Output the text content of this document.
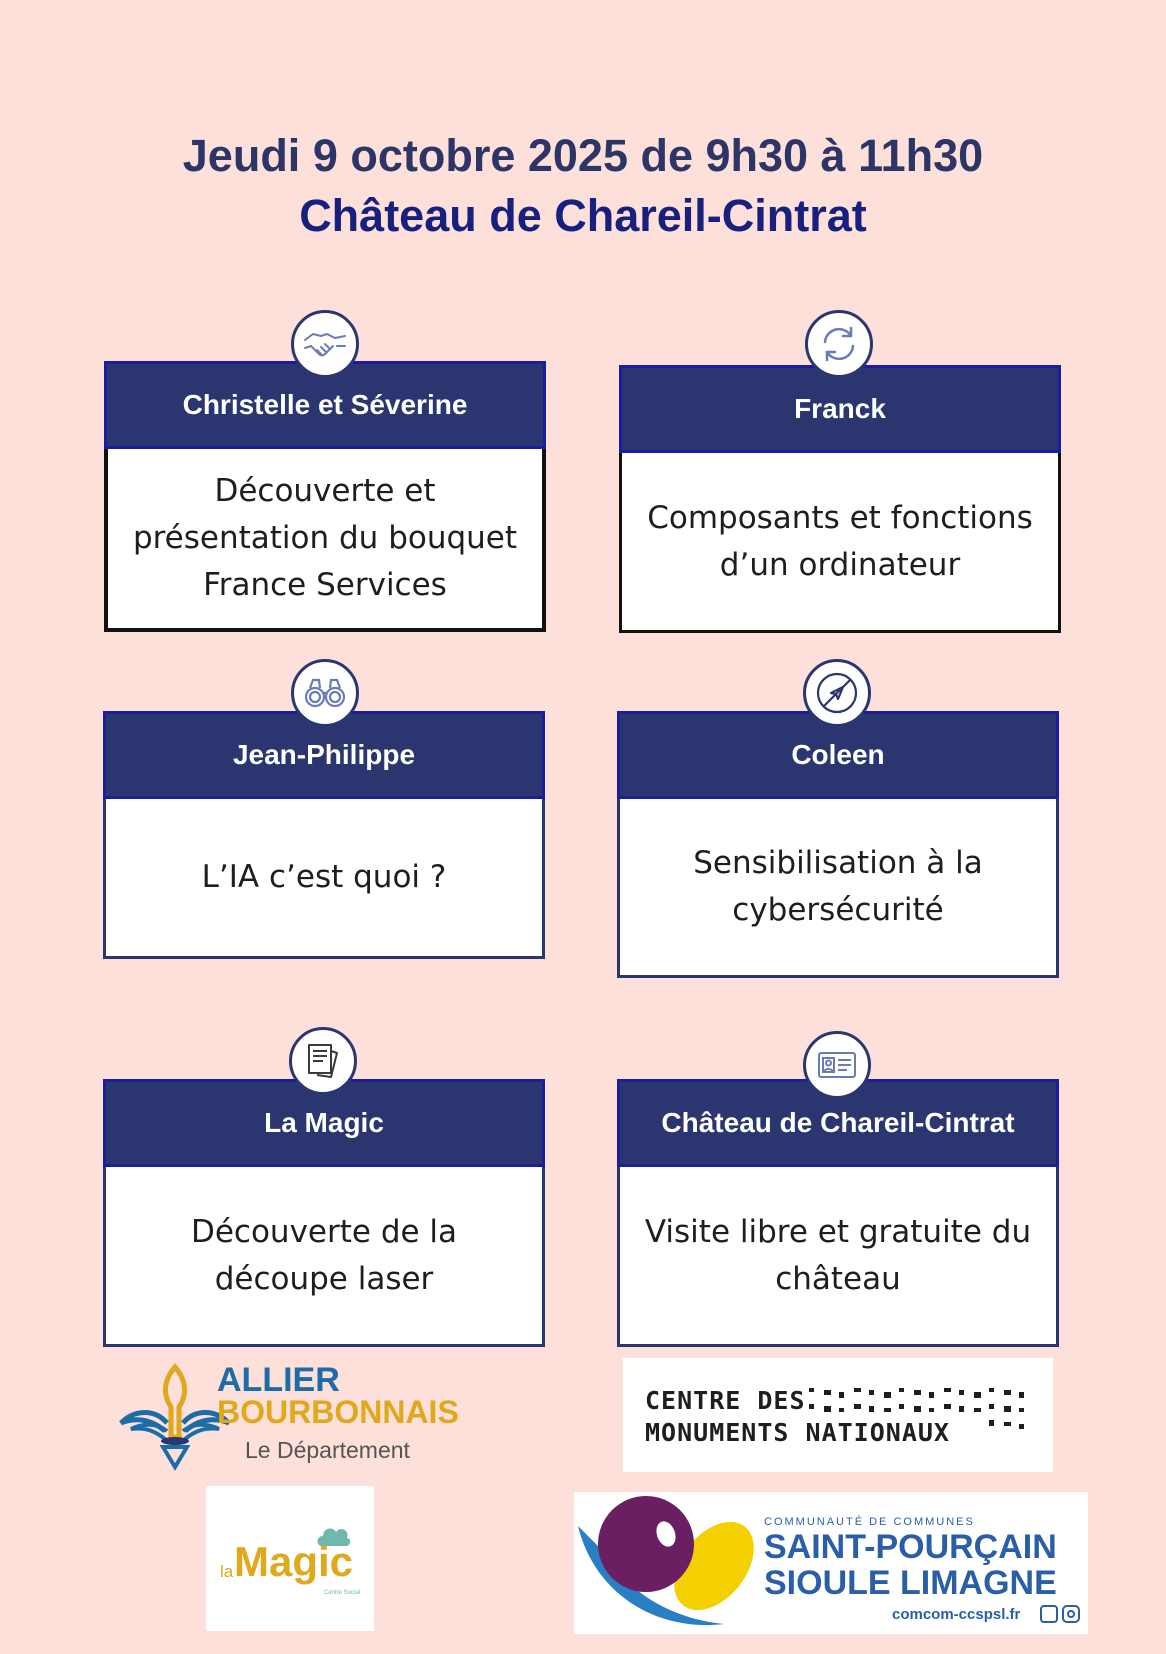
Jeudi 9 octobre 2025 de 9h30 à 11h30
Château de Chareil-Cintrat
Christelle et Séverine
Découverte et présentation du bouquet France Services
Franck
Composants et fonctions d’un ordinateur
Jean-Philippe
L’IA c’est quoi ?
Coleen
Sensibilisation à la cybersécurité
La Magic
Découverte de la découpe laser
Château de Chareil-Cintrat
Visite libre et gratuite du château
ALLIER
BOURBONNAIS
Le Département
CENTRE DES
MONUMENTS NATIONAUX
la Magic
Centre Social
COMMUNAUTÉ DE COMMUNES
SAINT-POURÇAIN
SIOULE LIMAGNE
comcom-ccspsl.fr
